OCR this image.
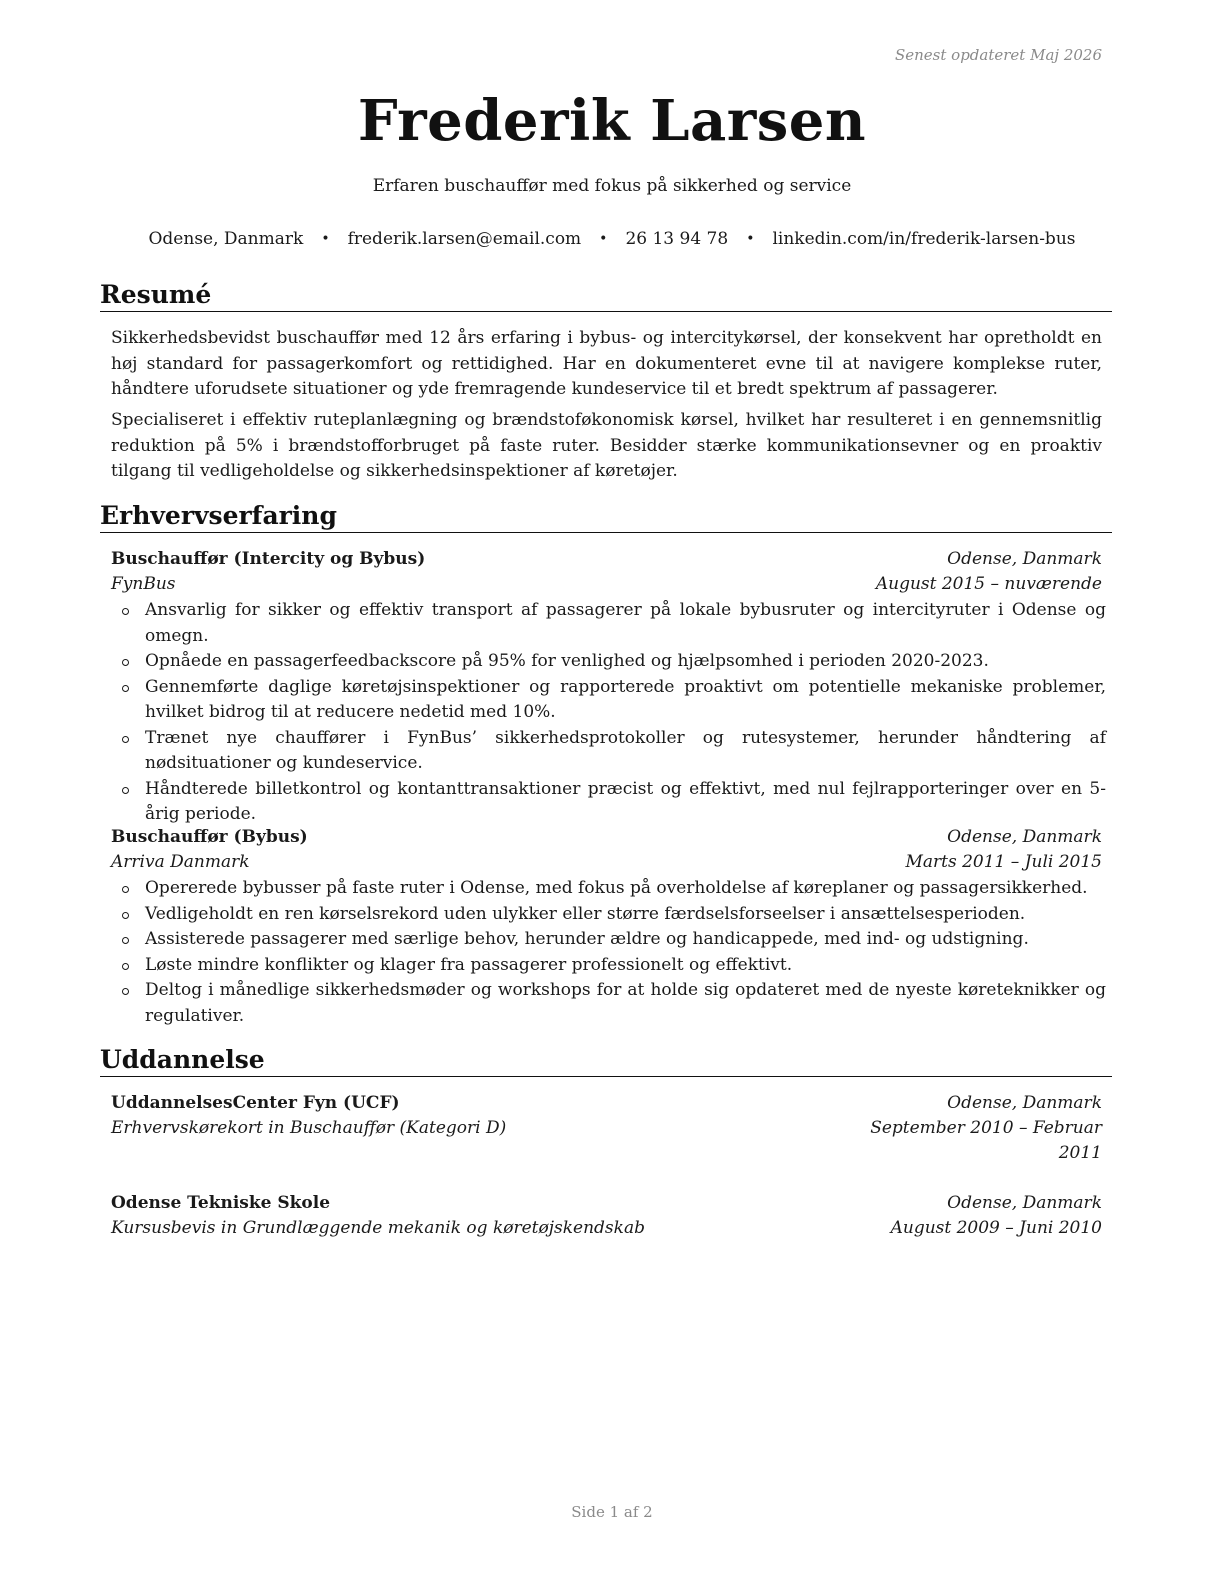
Senest opdateret Maj 2026
Frederik Larsen
Erfaren buschauffør med fokus på sikkerhed og service
Odense, Danmark • frederik.larsen@email.com • 26 13 94 78 • linkedin.com/in/frederik-larsen-bus
Resumé
Sikkerhedsbevidst buschauffør med 12 års erfaring i bybus- og intercitykørsel, der konsekvent har opretholdt en høj standard for passagerkomfort og rettidighed. Har en dokumenteret evne til at navigere komplekse ruter, håndtere uforudsete situationer og yde fremragende kundeservice til et bredt spektrum af passagerer.
Specialiseret i effektiv ruteplanlægning og brændstoføkonomisk kørsel, hvilket har resulteret i en gennemsnitlig reduktion på 5% i brændstofforbruget på faste ruter. Besidder stærke kommunikationsevner og en proaktiv tilgang til vedligeholdelse og sikkerhedsinspektioner af køretøjer.
Erhvervserfaring
Buschauffør (Intercity og Bybus)	Odense, Danmark
FynBus	August 2015 – nuværende
Ansvarlig for sikker og effektiv transport af passagerer på lokale bybusruter og intercityruter i Odense og omegn.
Opnåede en passagerfeedbackscore på 95% for venlighed og hjælpsomhed i perioden 2020-2023.
Gennemførte daglige køretøjsinspektioner og rapporterede proaktivt om potentielle mekaniske problemer, hvilket bidrog til at reducere nedetid med 10%.
Trænet nye chauffører i FynBus’ sikkerhedsprotokoller og rutesystemer, herunder håndtering af nødsituationer og kundeservice.
Håndterede billetkontrol og kontanttransaktioner præcist og effektivt, med nul fejlrapporteringer over en 5-årig periode.
Buschauffør (Bybus)	Odense, Danmark
Arriva Danmark	Marts 2011 – Juli 2015
Opererede bybusser på faste ruter i Odense, med fokus på overholdelse af køreplaner og passagersikkerhed.
Vedligeholdt en ren kørselsrekord uden ulykker eller større færdselsforseelser i ansættelsesperioden.
Assisterede passagerer med særlige behov, herunder ældre og handicappede, med ind- og udstigning.
Løste mindre konflikter og klager fra passagerer professionelt og effektivt.
Deltog i månedlige sikkerhedsmøder og workshops for at holde sig opdateret med de nyeste køreteknikker og regulativer.
Uddannelse
UddannelsesCenter Fyn (UCF)	Odense, Danmark
Erhvervskørekort in Buschauffør (Kategori D)	September 2010 – Februar 2011
Odense Tekniske Skole	Odense, Danmark
Kursusbevis in Grundlæggende mekanik og køretøjskendskab	August 2009 – Juni 2010
Side 1 af 2
